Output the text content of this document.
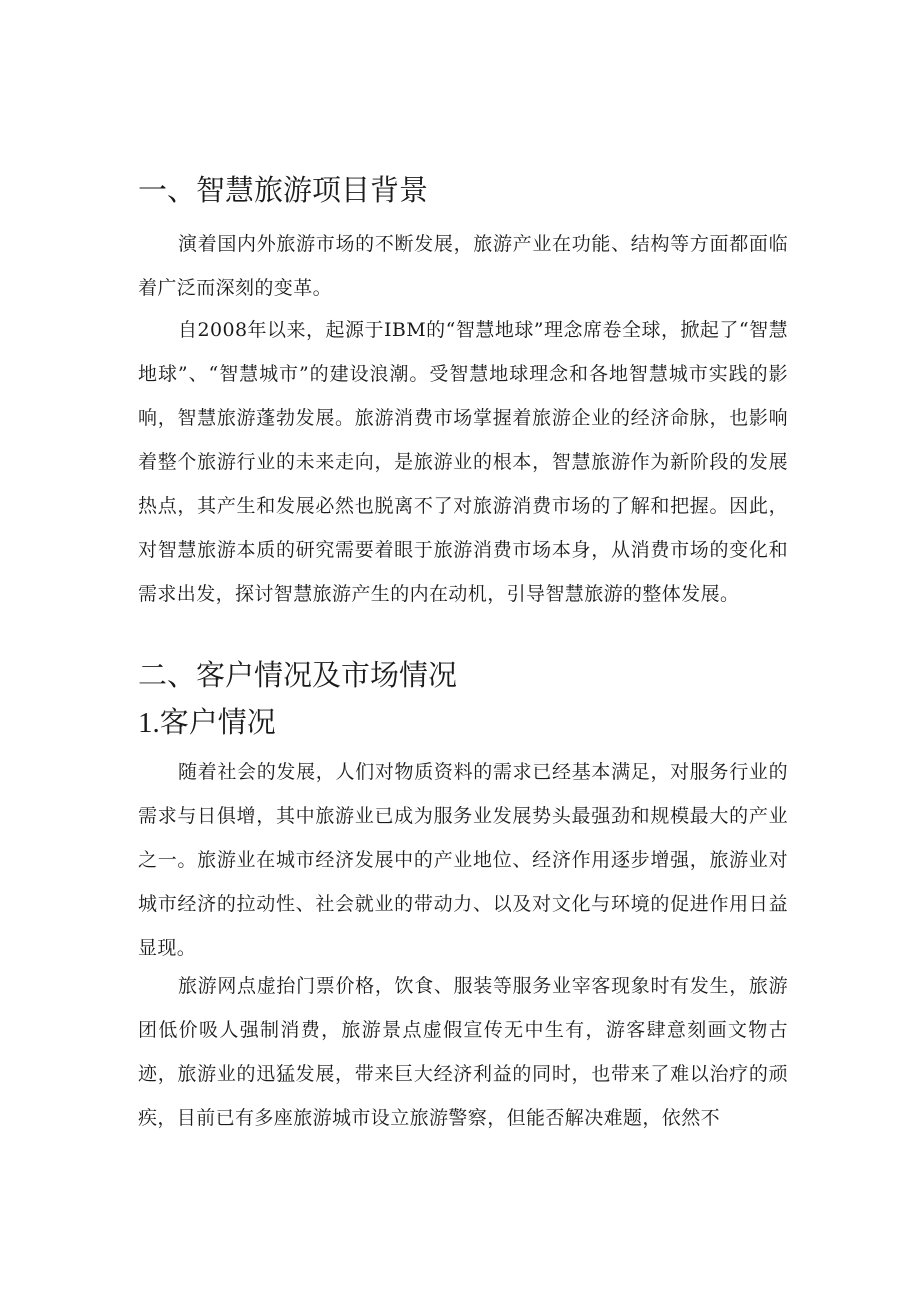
一、智慧旅游项目背景

演着国内外旅游市场的不断发展，旅游产业在功能、结构等方面都面临着广泛而深刻的变革。

自2008年以来，起源于IBM的“智慧地球”理念席卷全球，掀起了“智慧地球”、“智慧城市”的建设浪潮。受智慧地球理念和各地智慧城市实践的影响，智慧旅游蓬勃发展。旅游消费市场掌握着旅游企业的经济命脉，也影响着整个旅游行业的未来走向，是旅游业的根本，智慧旅游作为新阶段的发展热点，其产生和发展必然也脱离不了对旅游消费市场的了解和把握。因此，对智慧旅游本质的研究需要着眼于旅游消费市场本身，从消费市场的变化和需求出发，探讨智慧旅游产生的内在动机，引导智慧旅游的整体发展。

二、客户情况及市场情况
1.客户情况

随着社会的发展，人们对物质资料的需求已经基本满足，对服务行业的需求与日俱增，其中旅游业已成为服务业发展势头最强劲和规模最大的产业之一。旅游业在城市经济发展中的产业地位、经济作用逐步增强，旅游业对城市经济的拉动性、社会就业的带动力、以及对文化与环境的促进作用日益显现。

旅游网点虚抬门票价格，饮食、服装等服务业宰客现象时有发生，旅游团低价吸人强制消费，旅游景点虚假宣传无中生有，游客肆意刻画文物古迹，旅游业的迅猛发展，带来巨大经济利益的同时，也带来了难以治疗的顽疾，目前已有多座旅游城市设立旅游警察，但能否解决难题，依然不
